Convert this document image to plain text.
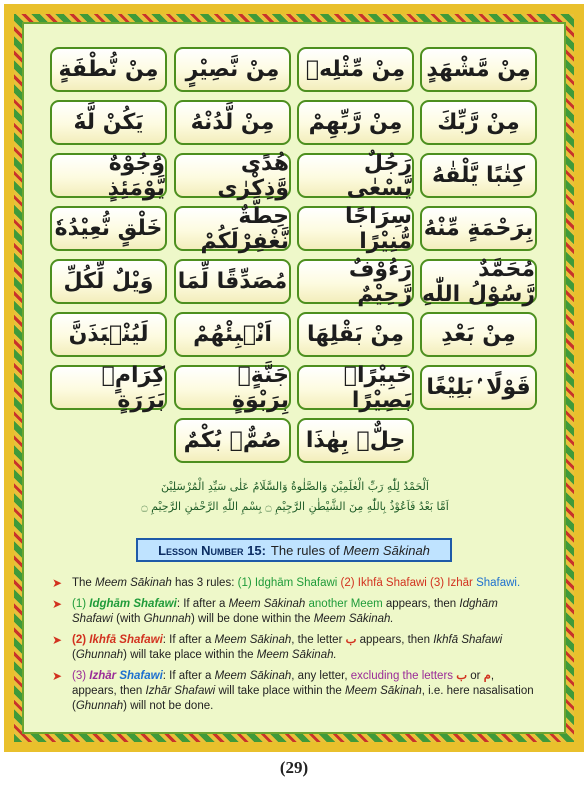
مِنْ مَّشْهَدٍ
مِنْ مِّثْلِهٖ
مِنْ نَّصِيْرٍ
مِنْ نُّطْفَةٍ
مِنْ رَّبِّكَ
مِنْ رَّبِّهِمْ
مِنْ لَّدُنْهُ
يَكُنْ لَّهٗ
كِتٰبًا يَّلْقٰهُ
رَجُلٌ يَّسْعٰى
هُدًى وَّذِكْرٰى
وُجُوْهٌ يَّوْمَئِذٍ
بِرَحْمَةٍ مِّنْهُ
سِرَاجًا مُّنِيْرًا
حِطَّةٌ نَّغْفِرْلَكُمْ
خَلْقٍ نُّعِيْدُهٗ
مُحَمَّدٌ رَّسُوْلُ اللّٰهِ
رَءُوْفٌ رَّحِيْمٌ
مُصَدِّقًا لِّمَا
وَيْلٌ لِّكُلِّ
مِنْ بَعْدِ
مِنْ بَقْلِهَا
اَنْۢبِئْهُمْ
لَيُنْۢبَذَنَّ
قَوْلًا ۢبَلِيْغًا
خَبِيْرًاۢ بَصِيْرًا
جَنَّةٍۢ بِرَبْوَةٍ
كِرَامٍۢ بَرَرَةٍ
حِلٌّۢ بِهٰذَا
صُمٌّۢ بُكْمٌ
اَلْحَمْدُ لِلّٰهِ رَبِّ الْعٰلَمِيْنَ وَالصَّلٰوةُ وَالسَّلَامُ عَلٰى سَيِّدِ الْمُرْسَلِيْنَ
اَمَّا بَعْدُ فَاَعُوْذُ بِاللّٰهِ مِنَ الشَّيْطٰنِ الرَّجِيْمِ ۝ بِسْمِ اللّٰهِ الرَّحْمٰنِ الرَّحِيْمِ ۝
Lesson Number 15: The rules of Meem Sākinah
➤ The Meem Sākinah has 3 rules: (1) Idghām Shafawi (2) Ikhfā Shafawi (3) Izhār Shafawi.
➤ (1) Idghām Shafawi: If after a Meem Sākinah another Meem appears, then Idghām Shafawi (with Ghunnah) will be done within the Meem Sākinah.
➤ (2) Ikhfā Shafawi: If after a Meem Sākinah, the letter ب appears, then Ikhfā Shafawi (Ghunnah) will take place within the Meem Sākinah.
➤ (3) Izhār Shafawi: If after a Meem Sākinah, any letter, excluding the letters ب or م, appears, then Izhār Shafawi will take place within the Meem Sākinah, i.e. here nasalisation (Ghunnah) will not be done.
(29)
